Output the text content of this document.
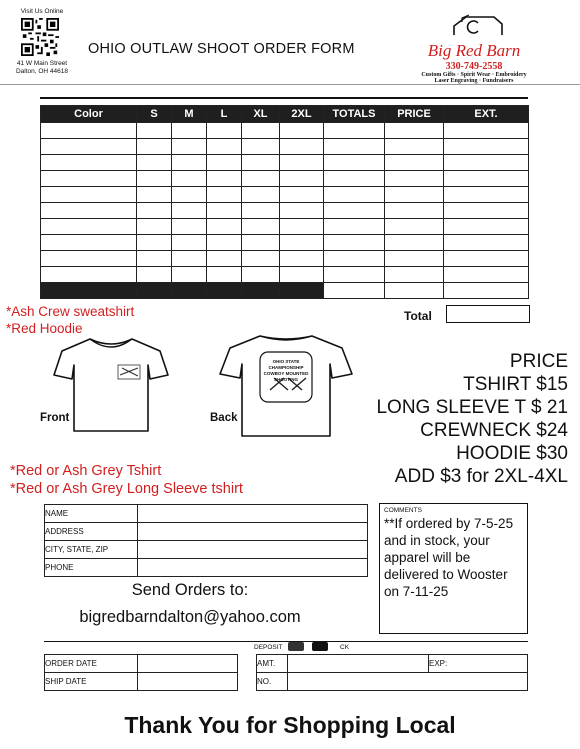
Visit Us Online
41 W Main Street
Dalton, OH 44618
OHIO OUTLAW SHOOT ORDER FORM	Big Red Barn
330-749-2558
Custom Gifts · Spirit Wear · Embroidery
Laser Engraving · Fundraisers
Color	S	M	L	XL	2XL	TOTALS	PRICE	EXT.

Total
*Ash Crew sweatshirt
*Red Hoodie
Front
OHIO STATE CHAMPIONSHIP
COWBOY MOUNTED SHOOTING
Back
*Red or Ash Grey Tshirt
*Red or Ash Grey Long Sleeve tshirt
PRICE
TSHIRT $15
LONG SLEEVE T $ 21
CREWNECK $24
HOODIE $30
ADD $3 for 2XL-4XL
NAME	
ADDRESS	
CITY, STATE, ZIP	
PHONE	
COMMENTS
**If ordered by 7-5-25 and in stock, your apparel will be delivered to Wooster on 7-11-25
Send Orders to:
bigredbarndalton@yahoo.com
DEPOSIT	CK
ORDER DATE	
SHIP DATE	
AMT.		EXP:	
NO.			
Thank You for Shopping Local
